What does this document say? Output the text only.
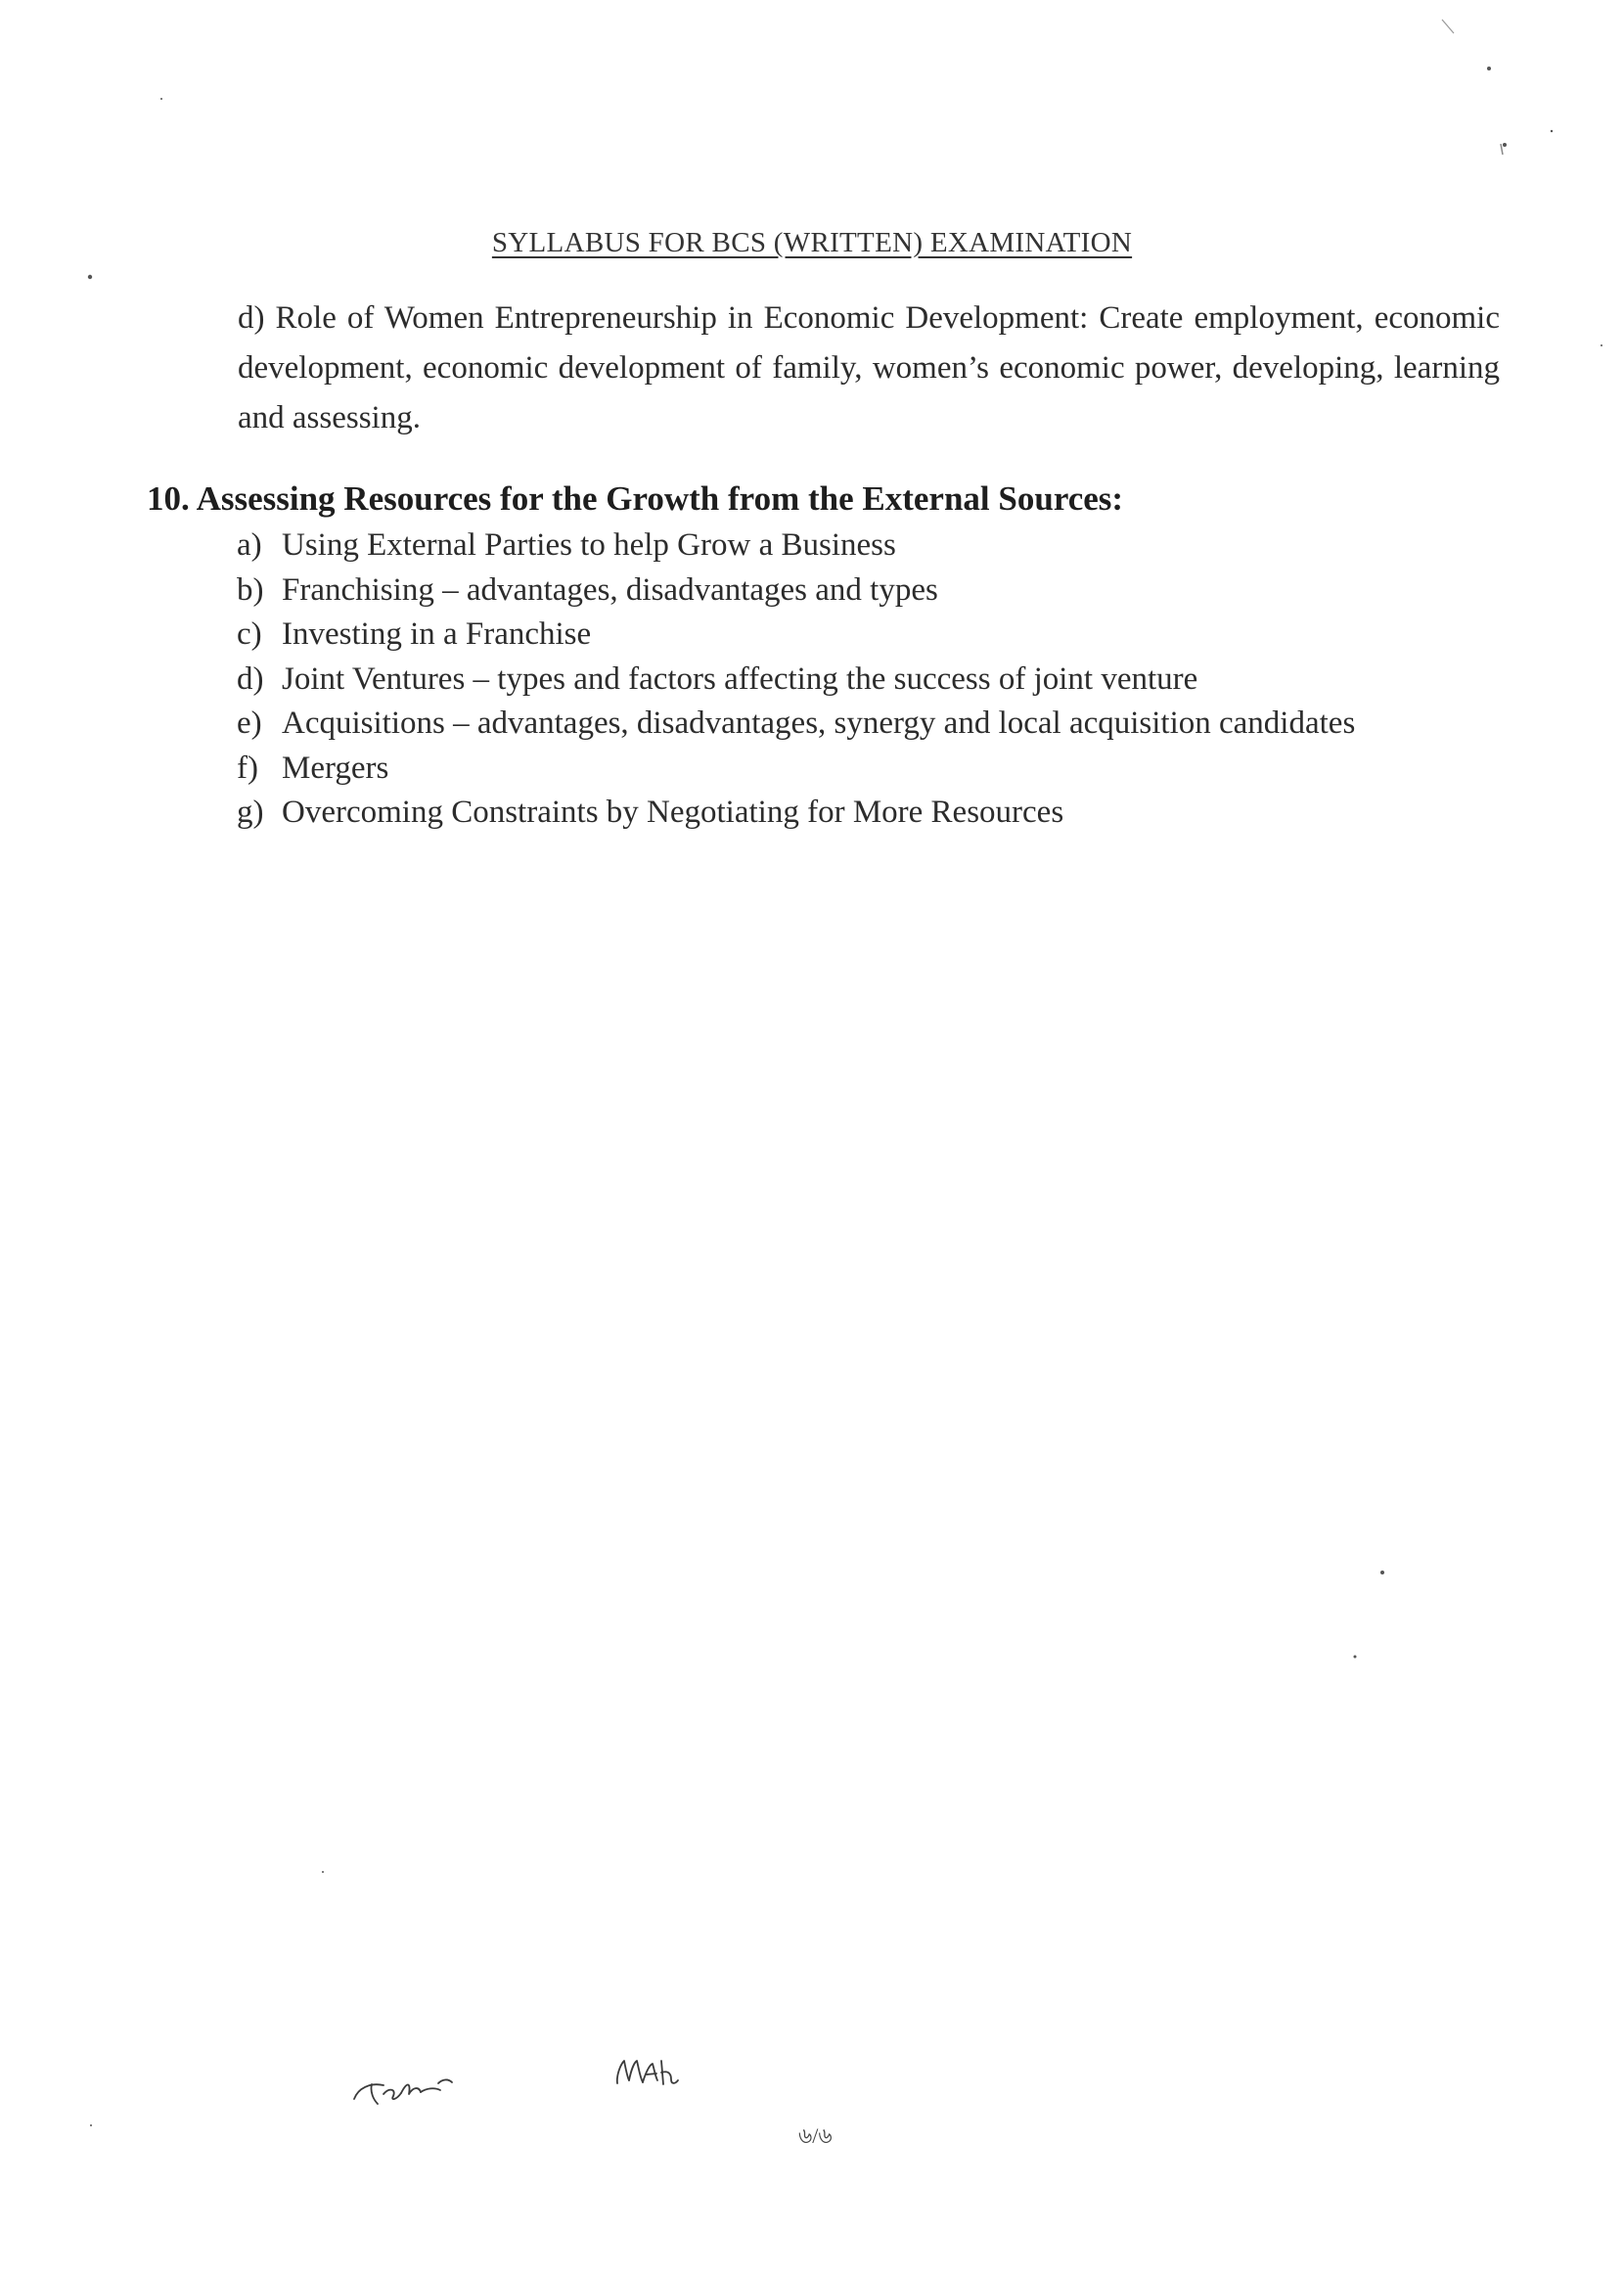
SYLLABUS FOR BCS (WRITTEN) EXAMINATION
d) Role of Women Entrepreneurship in Economic Development: Create employment, economic development, economic development of family, women’s economic power, developing, learning and assessing.
10. Assessing Resources for the Growth from the External Sources:
a) Using External Parties to help Grow a Business
b) Franchising – advantages, disadvantages and types
c) Investing in a Franchise
d) Joint Ventures – types and factors affecting the success of joint venture
e) Acquisitions – advantages, disadvantages, synergy and local acquisition candidates
f) Mergers
g) Overcoming Constraints by Negotiating for More Resources
৬/৬
